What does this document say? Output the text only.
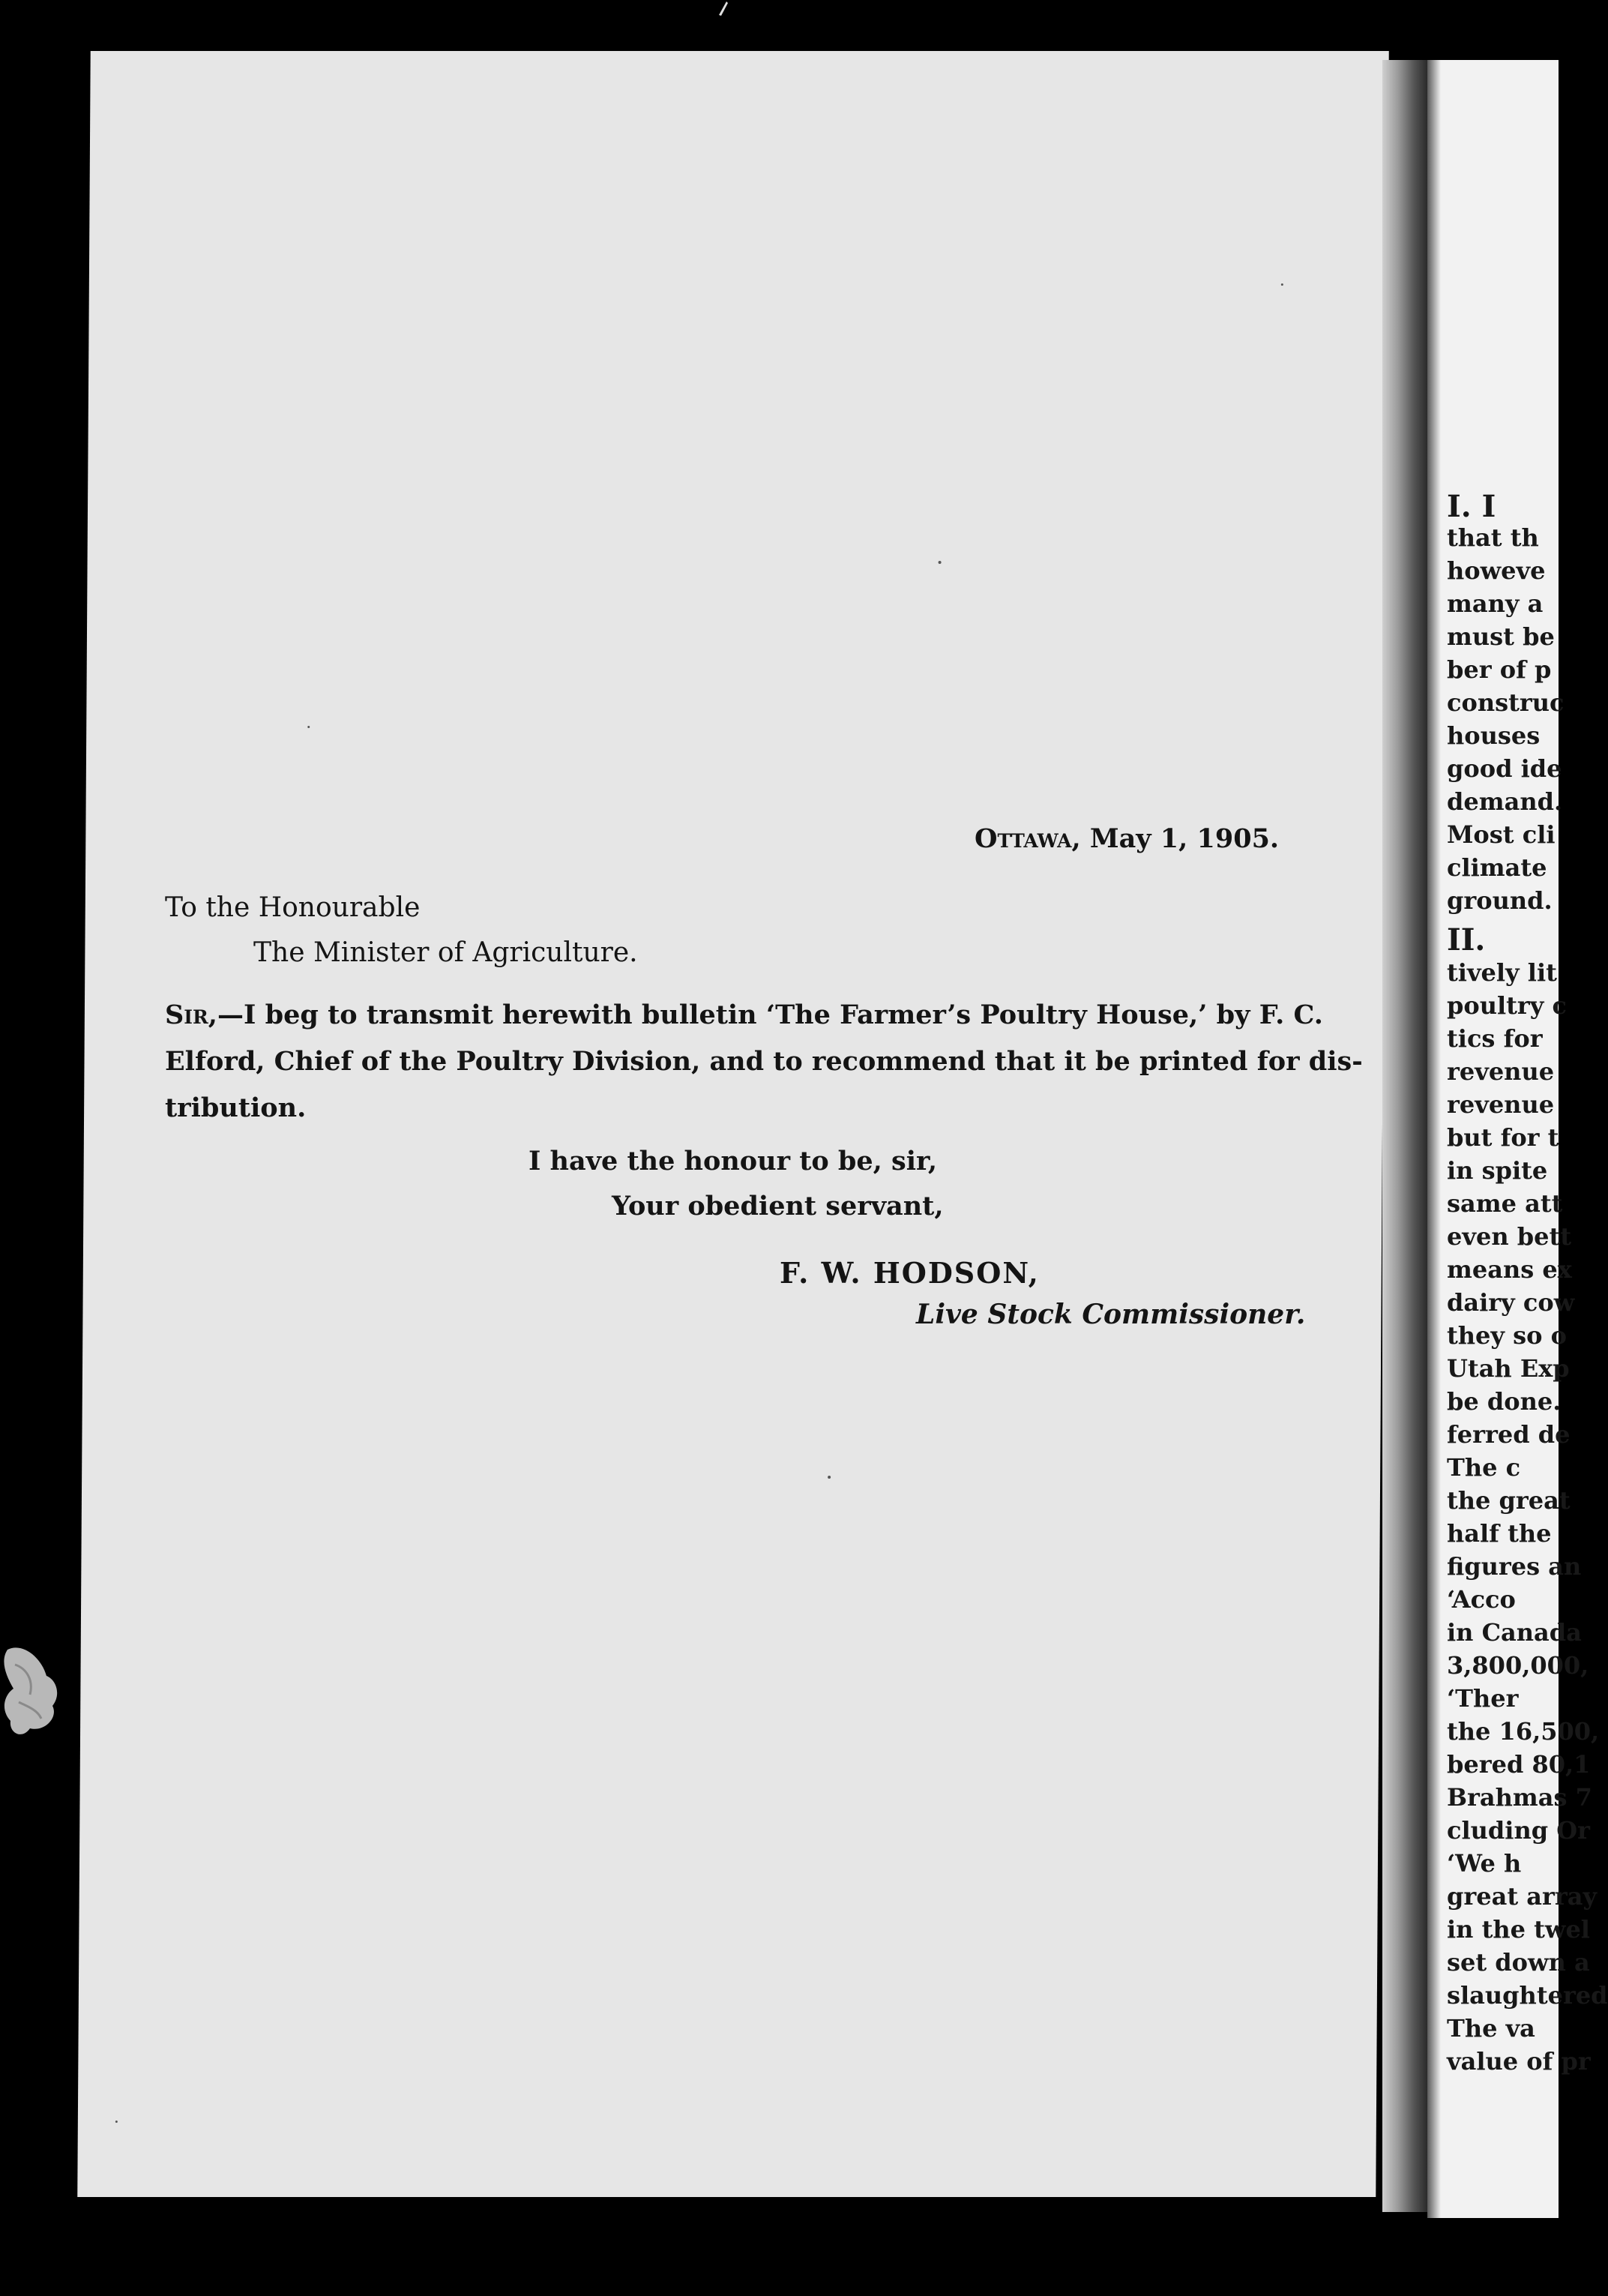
I. I
that th
howeve
many a
must be
ber of p
construc
houses
good ide
demand.
Most cli
climate
ground.
II.
tively lit
poultry c
tics for
revenue
revenue
but for t
in spite
same att
even bett
means ex
dairy cow
they so o
Utah Exp
be done.
ferred de
The c
the great
half the
figures an
‘Acco
in Canada
3,800,000,
‘Ther
the 16,500,
bered 80,1
Brahmas 7
cluding Or
‘We h
great array
in the twel
set down a
slaughtered
The va
value of pr
Ottawa, May 1, 1905.
To the Honourable
The Minister of Agriculture.
Sir,—I beg to transmit herewith bulletin ‘The Farmer’s Poultry House,’ by F. C.
Elford, Chief of the Poultry Division, and to recommend that it be printed for dis-
tribution.
I have the honour to be, sir,
Your obedient servant,
F. W. HODSON,
Live Stock Commissioner.
